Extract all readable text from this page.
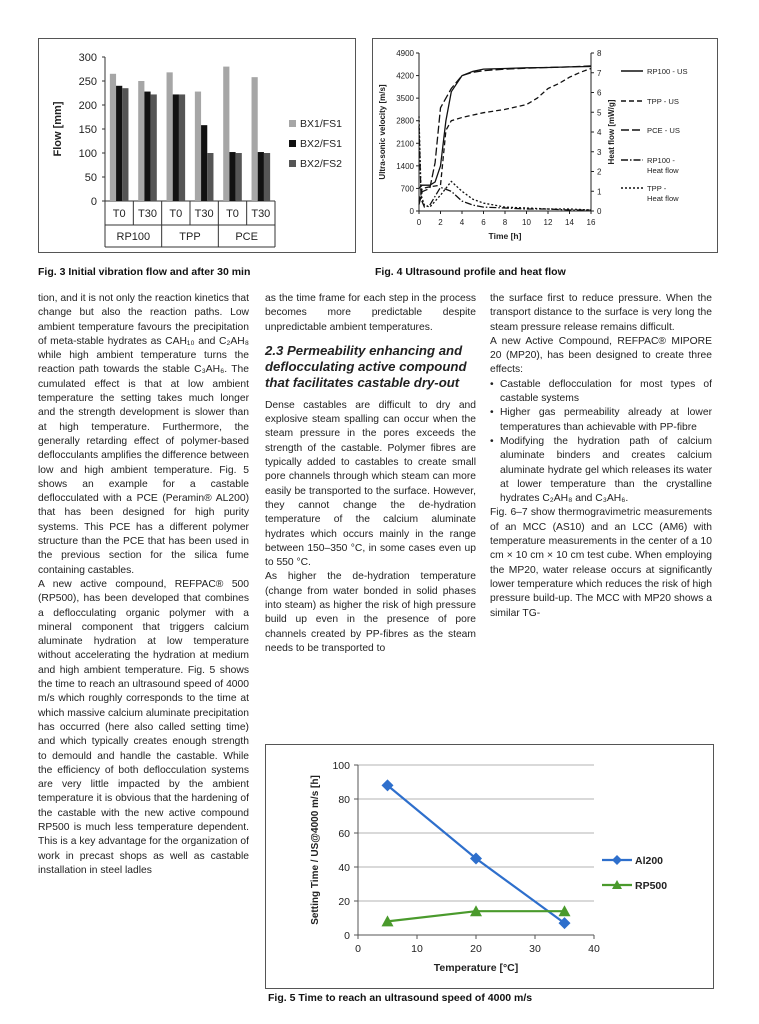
0
50
100
150
200
250
300
Flow [mm]
T0 T30 T0 T30 T0 T30
RP100	TPP	PCE
BX1/FS1
BX2/FS1
BX2/FS2
Fig. 3 Initial vibration flow and after 30 min
0
700
1400
2100
2800
3500
4200
4900
0
1
2
3
4
5
6
7
8
0 2 4 6 8 10 12 14 16
Time [h]
Ultra-sonic velocity [m/s]	Heat flow [mW/g]
RP100 - US
TPP - US
PCE - US
RP100 -
Heat flow
TPP -
Heat flow
Fig. 4 Ultrasound profile and heat flow

tion, and it is not only the reaction kinetics that change but also the reaction paths. Low ambient temperature favours the precipitation of meta-stable hydrates as CAH₁₀ and C₂AH₈ while high ambient temperature turns the reaction path towards the stable C₃AH₆. The cumulated effect is that at low ambient temperature the setting takes much longer and the strength development is slower than at high temperature. Furthermore, the generally retarding effect of polymer-based deflocculants amplifies the difference between low and high ambient temperature. Fig. 5 shows an example for a castable deflocculated with a PCE (Peramin® AL200) that has been designed for high purity systems. This PCE has a different polymer structure than the PCE that has been used in the previous section for the silica fume containing castables.

A new active compound, REFPAC® 500 (RP500), has been developed that combines a deflocculating organic polymer with a mineral component that triggers calcium aluminate hydration at low temperature without accelerating the hydration at medium and high ambient temperature. Fig. 5 shows the time to reach an ultrasound speed of 4000 m/s which roughly corresponds to the time at which massive calcium aluminate precipitation has occurred (here also called setting time) and which typically creates enough strength to demould and handle the castable. While the efficiency of both deflocculation systems are very little impacted by the ambient temperature it is obvious that the hardening of the castable with the new active compound RP500 is much less temperature dependent. This is a key advantage for the organization of work in precast shops as well as castable installation in steel ladles

as the time frame for each step in the process becomes more predictable despite unpredictable ambient temperatures.

2.3 Permeability enhancing and deflocculating active compound that facilitates castable dry-out

Dense castables are difficult to dry and explosive steam spalling can occur when the steam pressure in the pores exceeds the strength of the castable. Polymer fibres are typically added to castables to create small pore channels through which steam can more easily be transported to the surface. However, they cannot change the de-hydration temperature of the calcium aluminate hydrates which occurs mainly in the range between 150–350 °C, in some cases even up to 550 °C.

As higher the de-hydration temperature (change from water bonded in solid phases into steam) as higher the risk of high pressure build up even in the presence of pore channels created by PP-fibres as the steam needs to be transported to

the surface first to reduce pressure. When the transport distance to the surface is very long the steam pressure release remains difficult.

A new Active Compound, REFPAC® MIPORE 20 (MP20), has been designed to create three effects:

• Castable deflocculation for most types of castable systems
• Higher gas permeability already at lower temperatures than achievable with PP-fibre
• Modifying the hydration path of calcium aluminate binders and creates calcium aluminate hydrate gel which releases its water at lower temperature than the crystalline hydrates C₂AH₈ and C₃AH₆.

Fig. 6–7 show thermogravimetric measurements of an MCC (AS10) and an LCC (AM6) with temperature measurements in the center of a 10 cm × 10 cm × 10 cm test cube. When employing the MP20, water release occurs at significantly lower temperature which reduces the risk of high pressure build-up. The MCC with MP20 shows a similar TG-

0
20
40
60
80
100
0	10	20	30	40
Temperature [°C]
Setting Time / US@4000 m/s [h]	Al200
RP500
Fig. 5 Time to reach an ultrasound speed of 4000 m/s
